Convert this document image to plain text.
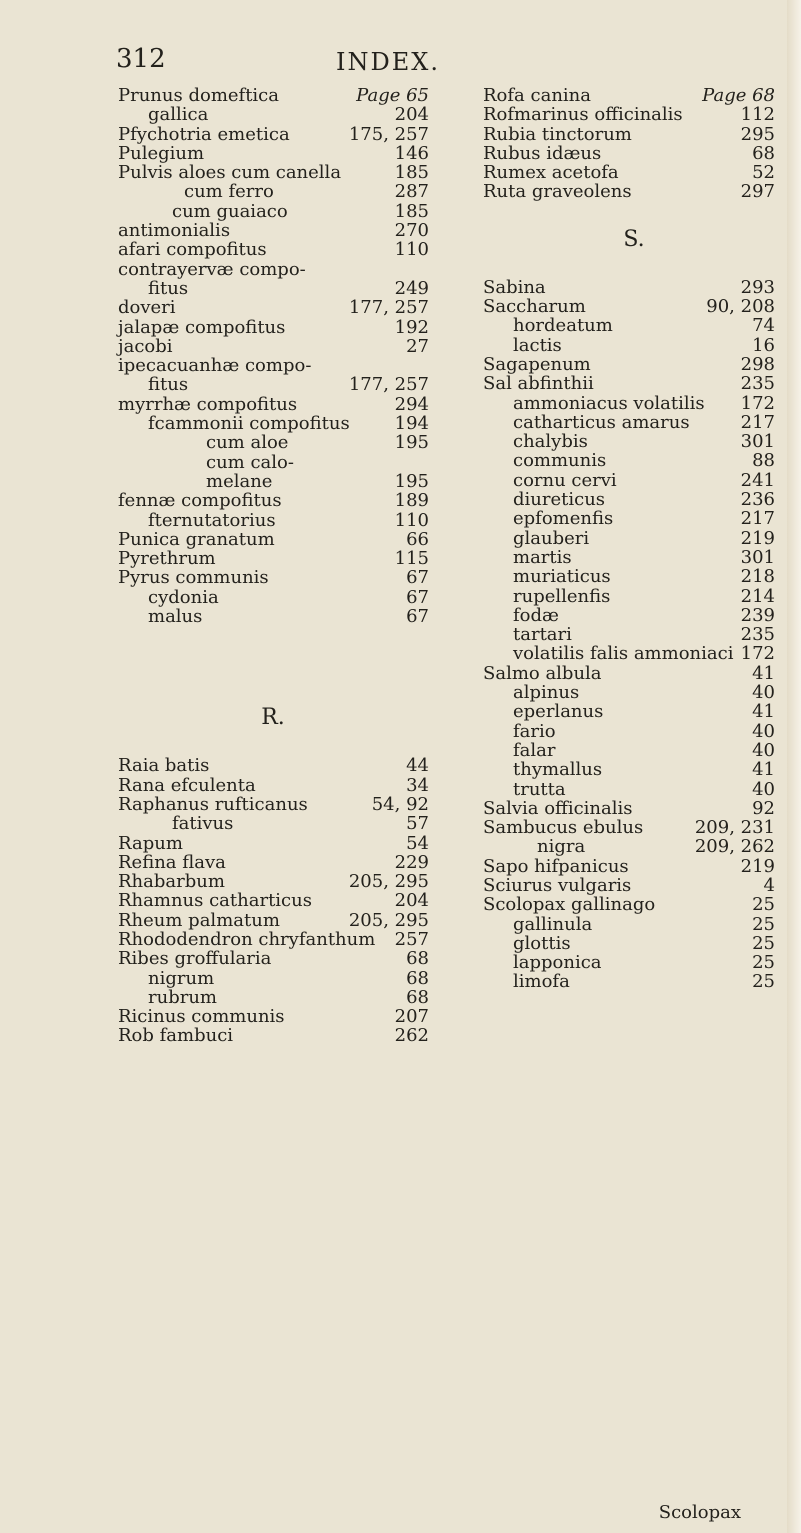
312	INDEX.
Prunus domeftica	Page 65
gallica	204
Pfychotria emetica	175, 257
Pulegium	146
Pulvis aloes cum canella	185
cum ferro	287
cum guaiaco	185
antimonialis	270
afari compofitus	110
contrayervæ compo-
fitus	249
doveri	177, 257
jalapæ compofitus	192
jacobi	27
ipecacuanhæ compo-
fitus	177, 257
myrrhæ compofitus	294
fcammonii compofitus 194
cum aloe	195
cum calo-
melane	195
fennæ compofitus	189
fternutatorius	110
Punica granatum	66
Pyrethrum	115
Pyrus communis	67
cydonia	67
malus	67
R.
Raia batis	44
Rana efculenta	34
Raphanus rufticanus	54, 92
fativus	57
Rapum	54
Refina flava	229
Rhabarbum	205, 295
Rhamnus catharticus	204
Rheum palmatum	205, 295
Rhododendron chryfanthum 257
Ribes groffularia	68
nigrum	68
rubrum	68
Ricinus communis	207
Rob fambuci	262
Rofa canina	Page 68
Rofmarinus officinalis	112
Rubia tinctorum	295
Rubus idæus	68
Rumex acetofa	52
Ruta graveolens	297
S.
Sabina	293
Saccharum	90, 208
hordeatum	74
lactis	16
Sagapenum	298
Sal abfinthii	235
ammoniacus volatilis 172
catharticus amarus	217
chalybis	301
communis	88
cornu cervi	241
diureticus	236
epfomenfis	217
glauberi	219
martis	301
muriaticus	218
rupellenfis	214
fodæ	239
tartari	235
volatilis falis ammoniaci 172
Salmo albula	41
alpinus	40
eperlanus	41
fario	40
falar	40
thymallus	41
trutta	40
Salvia officinalis	92
Sambucus ebulus	209, 231
nigra	209, 262
Sapo hifpanicus	219
Sciurus vulgaris	4
Scolopax gallinago	25
gallinula	25
glottis	25
lapponica	25
limofa	25
Scolopax
